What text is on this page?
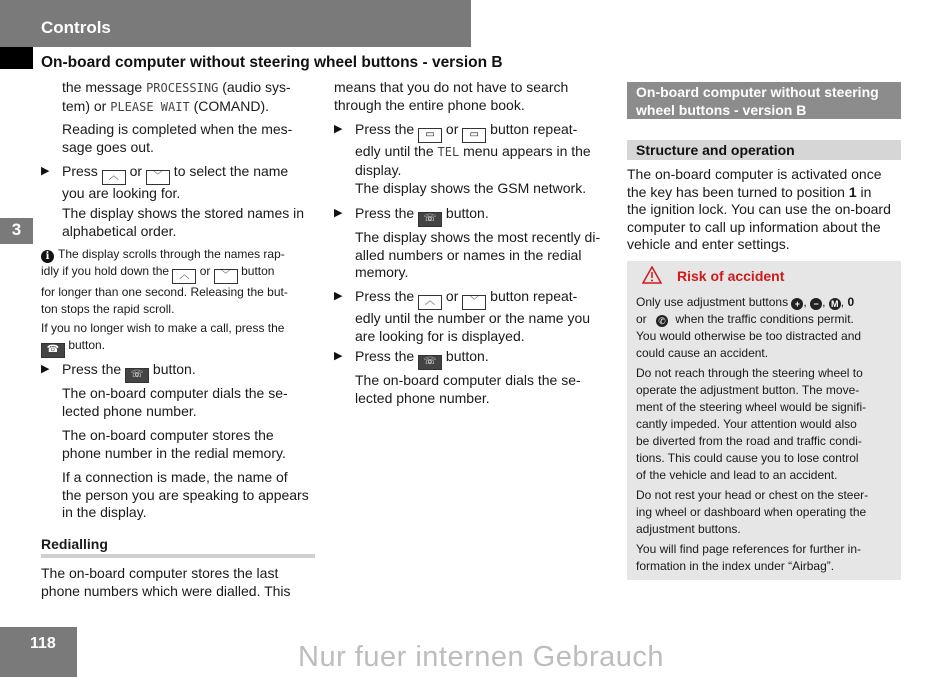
Controls
On-board computer without steering wheel buttons - version B
3

the message PROCESSING (audio sys-
tem) or PLEASE WAIT (COMAND).

Reading is completed when the mes-
sage goes out.

▶ Press ︿ or ﹀ to select the name
you are looking for.

The display shows the stored names in
alphabetical order.

i The display scrolls through the names rap-
idly if you hold down the ︿ or ﹀ button
for longer than one second. Releasing the but-
ton stops the rapid scroll.

If you no longer wish to make a call, press the
☎ button.

▶ Press the ☏ button.

The on-board computer dials the se-
lected phone number.

The on-board computer stores the
phone number in the redial memory.

If a connection is made, the name of
the person you are speaking to appears
in the display.

Redialling

The on-board computer stores the last
phone numbers which were dialled. This

means that you do not have to search
through the entire phone book.

▶ Press the ▭ or ▭ button repeat-
edly until the TEL menu appears in the
display.

The display shows the GSM network.

▶ Press the ☏ button.

The display shows the most recently di-
alled numbers or names in the redial
memory.

▶ Press the ︿ or ﹀ button repeat-
edly until the number or the name you
are looking for is displayed.

▶ Press the ☏ button.

The on-board computer dials the se-
lected phone number.

On-board computer without steering
wheel buttons - version B
Structure and operation

The on-board computer is activated once
the key has been turned to position 1 in
the ignition lock. You can use the on-board
computer to call up information about the
vehicle and enter settings.

Risk of accident

Only use adjustment buttons + , − , M , 0
or ✆ when the traffic conditions permit.
You would otherwise be too distracted and
could cause an accident.

Do not reach through the steering wheel to
operate the adjustment button. The move-
ment of the steering wheel would be signifi-
cantly impeded. Your attention would also
be diverted from the road and traffic condi-
tions. This could cause you to lose control
of the vehicle and lead to an accident.

Do not rest your head or chest on the steer-
ing wheel or dashboard when operating the
adjustment buttons.

You will find page references for further in-
formation in the index under “Airbag”.

118	Nur fuer internen Gebrauch
